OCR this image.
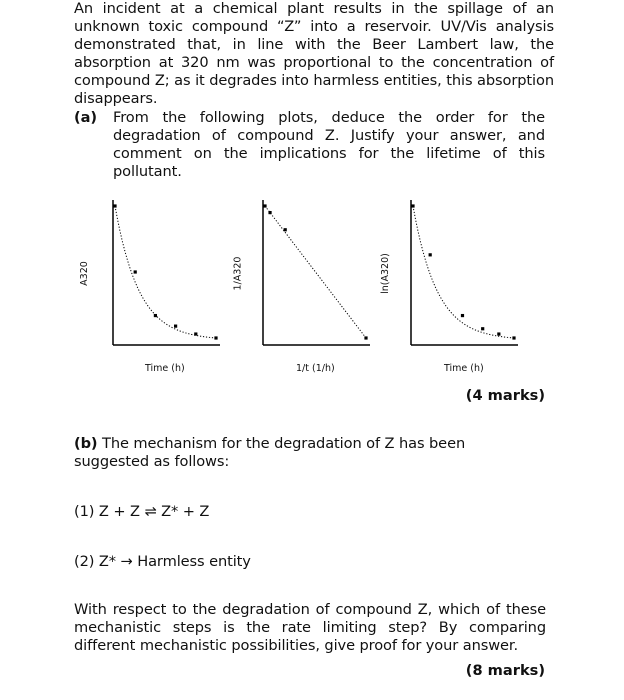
An incident at a chemical plant results in the spillage of an unknown toxic compound “Z” into a reservoir. UV/Vis analysis demonstrated that, in line with the Beer Lambert law, the absorption at 320 nm was proportional to the concentration of compound Z; as it degrades into harmless entities, this absorption disappears.
(a) From the following plots, deduce the order for the degradation of compound Z. Justify your answer, and comment on the implications for the lifetime of this pollutant.
A320
Time (h)
1/A320
1/t (1/h)
ln(A320)
Time (h)
(4 marks)
(b) The mechanism for the degradation of Z has been suggested as follows:
(1) Z + Z ⇌ Z* + Z
(2) Z* → Harmless entity
With respect to the degradation of compound Z, which of these mechanistic steps is the rate limiting step? By comparing different mechanistic possibilities, give proof for your answer.
(8 marks)
